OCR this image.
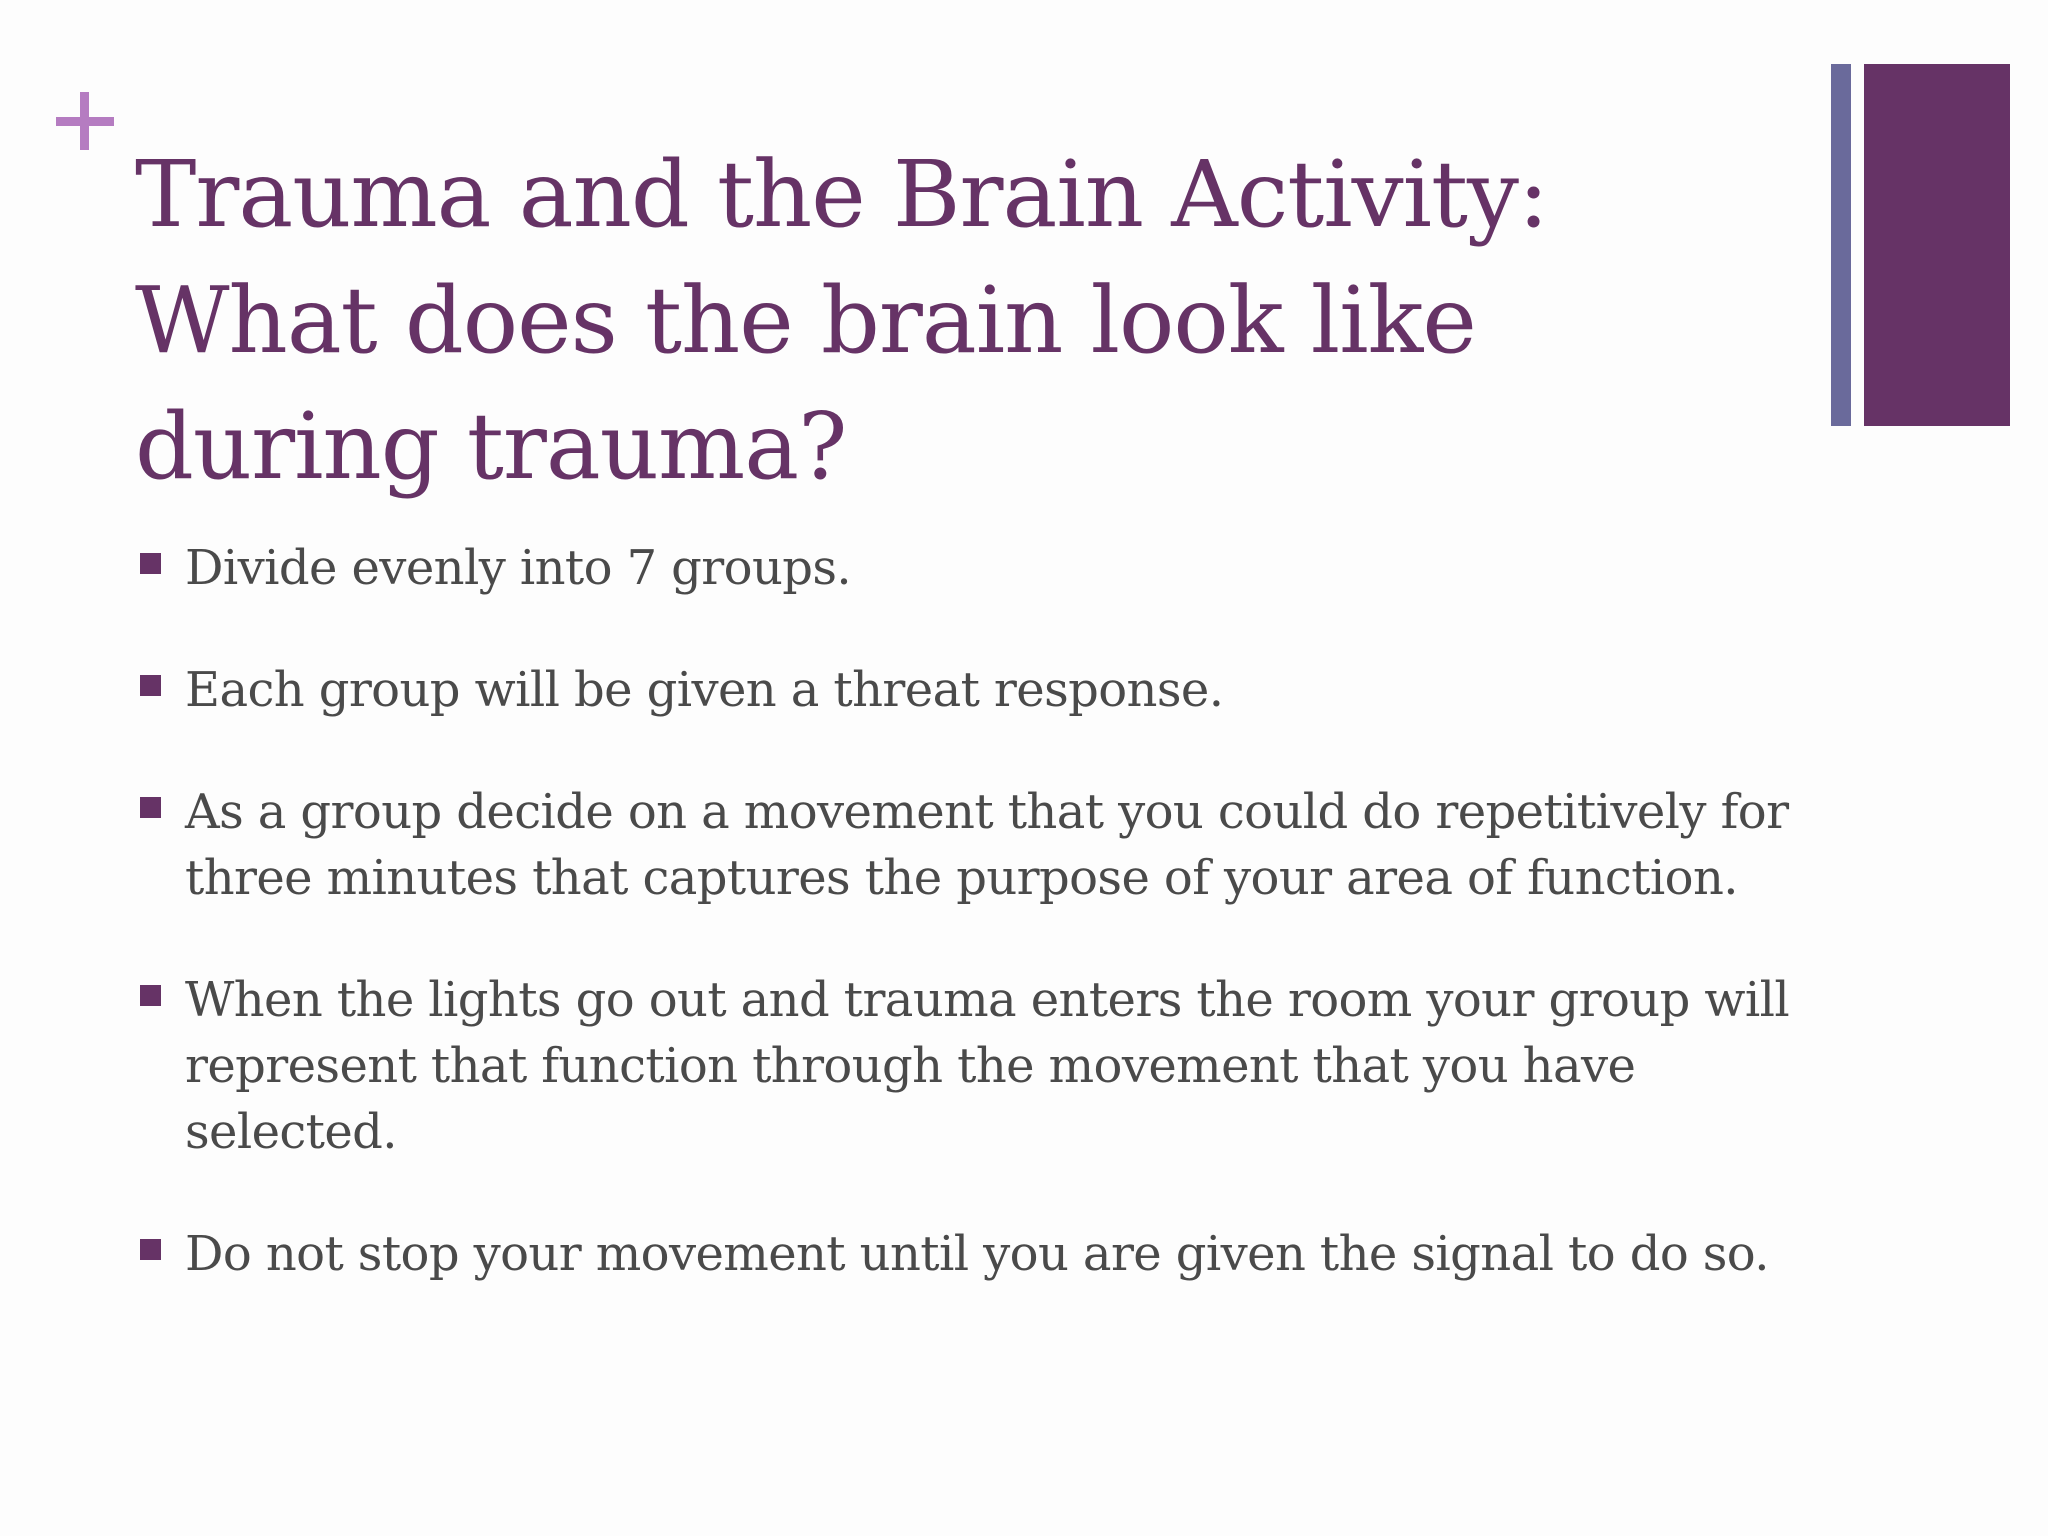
Trauma and the Brain Activity:
What does the brain look like
during trauma?
Divide evenly into 7 groups.
Each group will be given a threat response.
As a group decide on a movement that you could do repetitively for three minutes that captures the purpose of your area of function.
When the lights go out and trauma enters the room your group will represent that function through the movement that you have selected.
Do not stop your movement until you are given the signal to do so.
